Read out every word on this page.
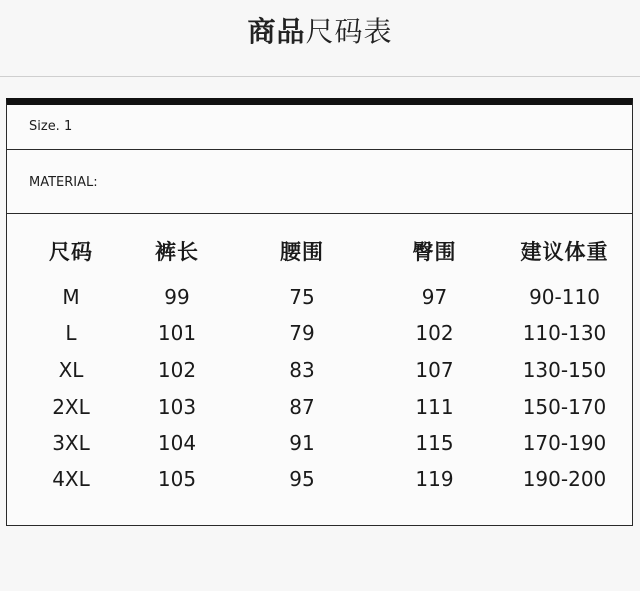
商品尺码表
Size. 1
MATERIAL:
尺码	裤长	腰围	臀围	建议体重
M	99	75	97	90-110
L	101	79	102	110-130
XL	102	83	107	130-150
2XL	103	87	111	150-170
3XL	104	91	115	170-190
4XL	105	95	119	190-200
